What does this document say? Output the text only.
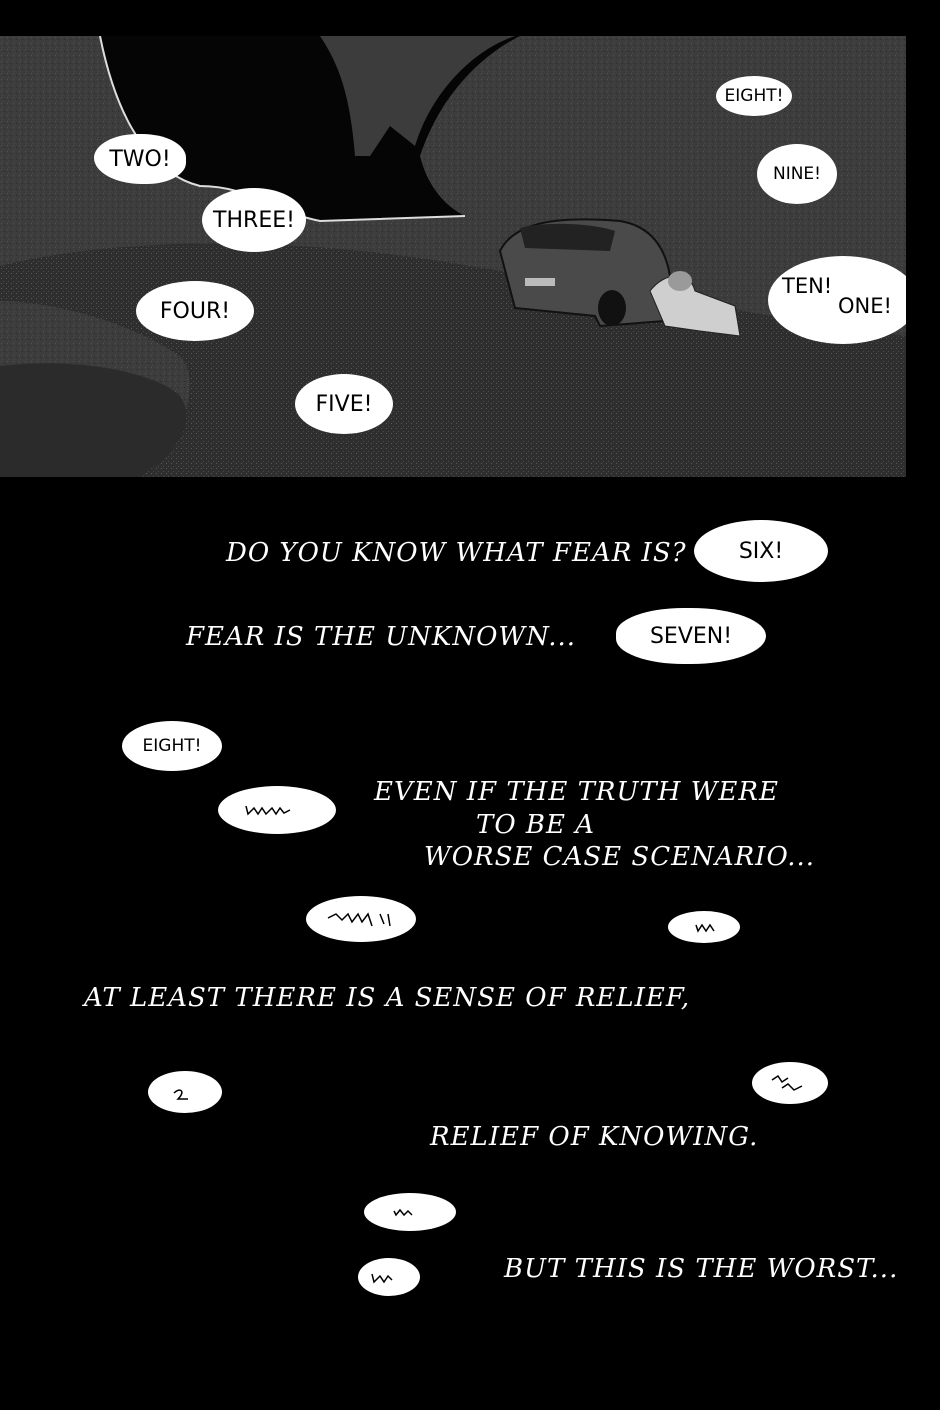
EIGHT!
TWO!
NINE!
THREE!
TEN!
ONE!
FOUR!
FIVE!
SIX!
DO YOU KNOW WHAT FEAR IS?
SEVEN!
FEAR IS THE UNKNOWN...
EIGHT!
EVEN IF THE TRUTH WERE
TO BE A
WORSE CASE SCENARIO...
AT LEAST THERE IS A SENSE OF RELIEF,
RELIEF OF KNOWING.
BUT THIS IS THE WORST...
